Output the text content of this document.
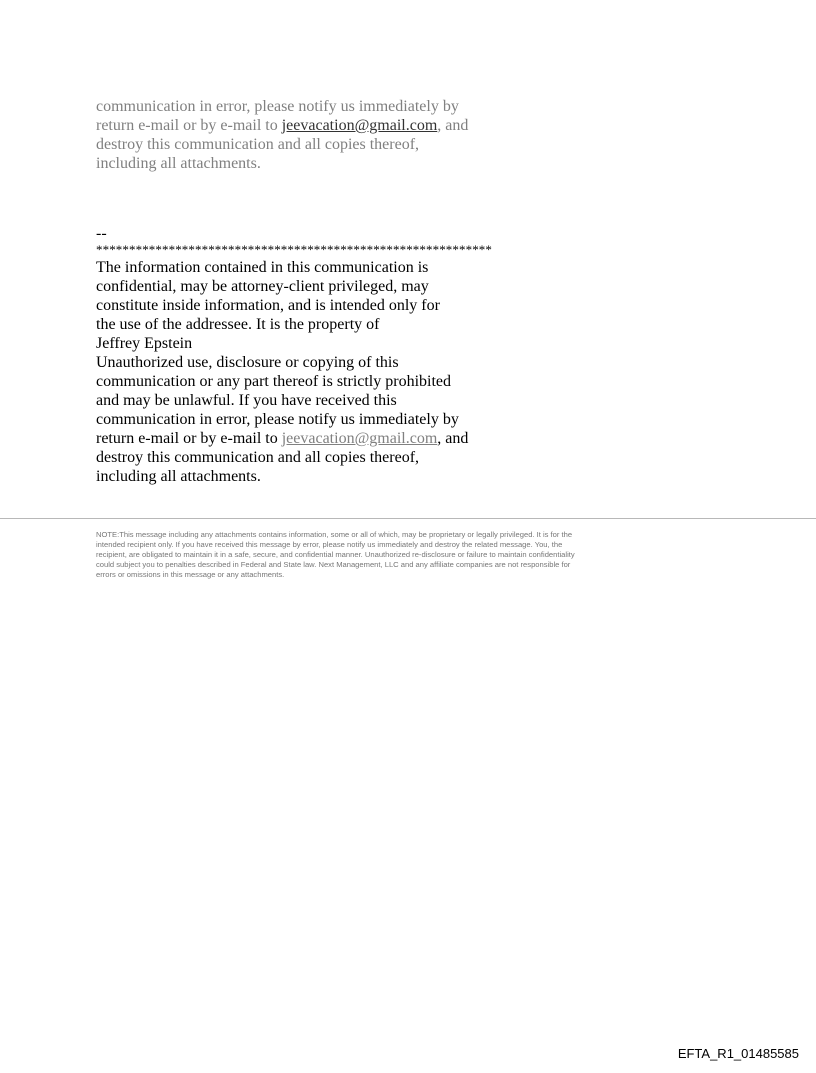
communication in error, please notify us immediately by
return e-mail or by e-mail to jeevacation@gmail.com, and
destroy this communication and all copies thereof,
including all attachments.
--
************************************************************
The information contained in this communication is
confidential, may be attorney-client privileged, may
constitute inside information, and is intended only for
the use of the addressee. It is the property of
Jeffrey Epstein
Unauthorized use, disclosure or copying of this
communication or any part thereof is strictly prohibited
and may be unlawful. If you have received this
communication in error, please notify us immediately by
return e-mail or by e-mail to jeevacation@gmail.com, and
destroy this communication and all copies thereof,
including all attachments.
NOTE:This message including any attachments contains information, some or all of which, may be proprietary or legally privileged. It is for the
intended recipient only. If you have received this message by error, please notify us immediately and destroy the related message. You, the
recipient, are obligated to maintain it in a safe, secure, and confidential manner. Unauthorized re-disclosure or failure to maintain confidentiality
could subject you to penalties described in Federal and State law. Next Management, LLC and any affiliate companies are not responsible for
errors or omissions in this message or any attachments.
EFTA_R1_01485585
